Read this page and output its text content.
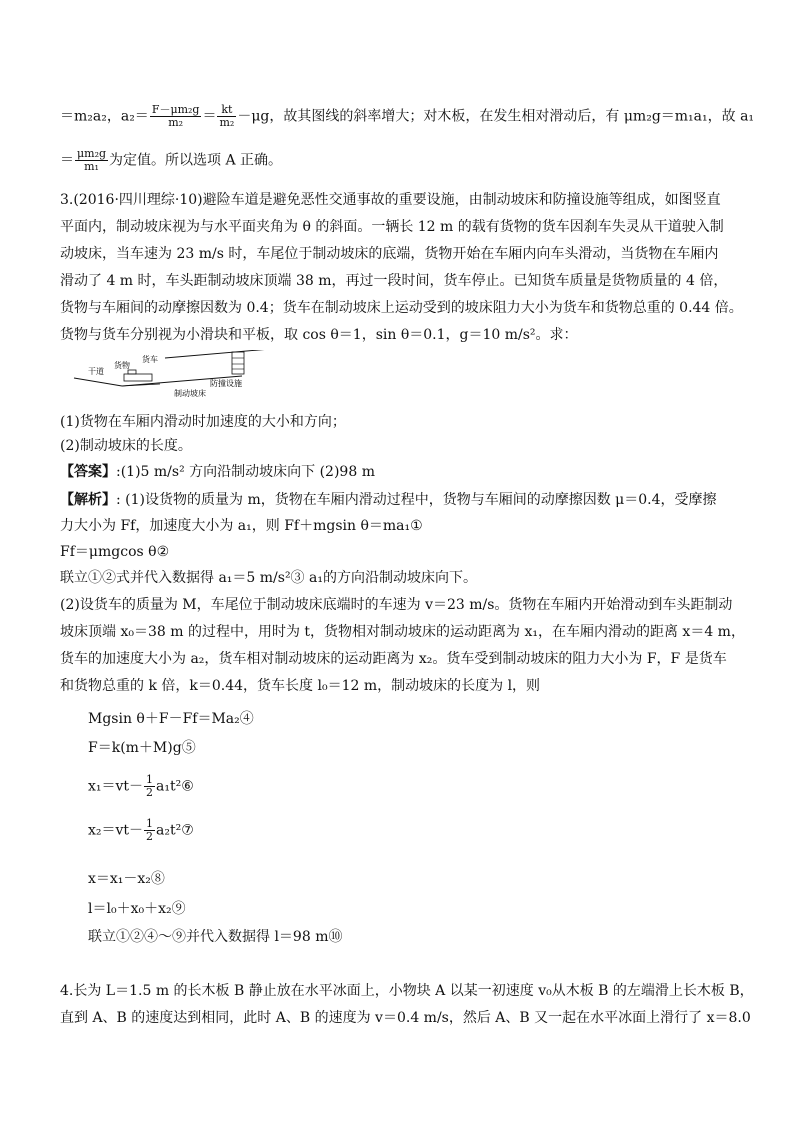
＝m₂a₂，$a_2= \frac{\text{F－μm₂g}}{\text{m₂}} = \frac{kt}{\text{m₂}} -\mu g$，故其图线的斜率增大；对木板，在发生相对滑动后，有 μm₂g＝m₁a₁，故 a₁
＝ $\frac{\text{μm₂g}}{\text{m₁}}$ 为定值。所以选项 A 正确。
3.(2016·四川理综·10)避险车道是避免恶性交通事故的重要设施，由制动坡床和防撞设施等组成，如图竖直
平面内，制动坡床视为与水平面夹角为 θ 的斜面。一辆长 12 m 的载有货物的货车因刹车失灵从干道驶入制
动坡床，当车速为 23 m/s 时，车尾位于制动坡床的底端，货物开始在车厢内向车头滑动，当货物在车厢内
滑动了 4 m 时，车头距制动坡床顶端 38 m，再过一段时间，货车停止。已知货车质量是货物质量的 4 倍，
货物与车厢间的动摩擦因数为 0.4；货车在制动坡床上运动受到的坡床阻力大小为货车和货物总重的 0.44 倍。
货物与货车分别视为小滑块和平板，取 cos θ＝1，sin θ＝0.1，g＝10 m/s²。求：
干道
货物
货车
制动坡床
防撞设施
(1)货物在车厢内滑动时加速度的大小和方向；
(2)制动坡床的长度。
【答案】:(1)5 m/s² 方向沿制动坡床向下 (2)98 m
【解析】: (1)设货物的质量为 m，货物在车厢内滑动过程中，货物与车厢间的动摩擦因数 μ＝0.4，受摩擦
力大小为 Ff，加速度大小为 a₁，则 Ff＋mgsin θ＝ma₁①
Ff＝μmgcos θ②
联立①②式并代入数据得 a₁＝5 m/s²③ a₁的方向沿制动坡床向下。
(2)设货车的质量为 M，车尾位于制动坡床底端时的车速为 v＝23 m/s。货物在车厢内开始滑动到车头距制动
坡床顶端 x₀＝38 m 的过程中，用时为 t，货物相对制动坡床的运动距离为 x₁，在车厢内滑动的距离 x＝4 m，
货车的加速度大小为 a₂，货车相对制动坡床的运动距离为 x₂。货车受到制动坡床的阻力大小为 F，F 是货车
和货物总重的 k 倍，k＝0.44，货车长度 l₀＝12 m，制动坡床的长度为 l，则
Mgsin θ＋F－Ff＝Ma₂④
F＝k(m＋M)g⑤
$x_1=vt- \frac{1}{2}$ a₁t²⑥
$x_2=vt- \frac{1}{2}$ a₂t²⑦
x＝x₁－x₂⑧
l＝l₀＋x₀＋x₂⑨
联立①②④～⑨并代入数据得 l＝98 m⑩
4.长为 L＝1.5 m 的长木板 B 静止放在水平冰面上，小物块 A 以某一初速度 v₀从木板 B 的左端滑上长木板 B，
直到 A、B 的速度达到相同，此时 A、B 的速度为 v＝0.4 m/s，然后 A、B 又一起在水平冰面上滑行了 x＝8.0
